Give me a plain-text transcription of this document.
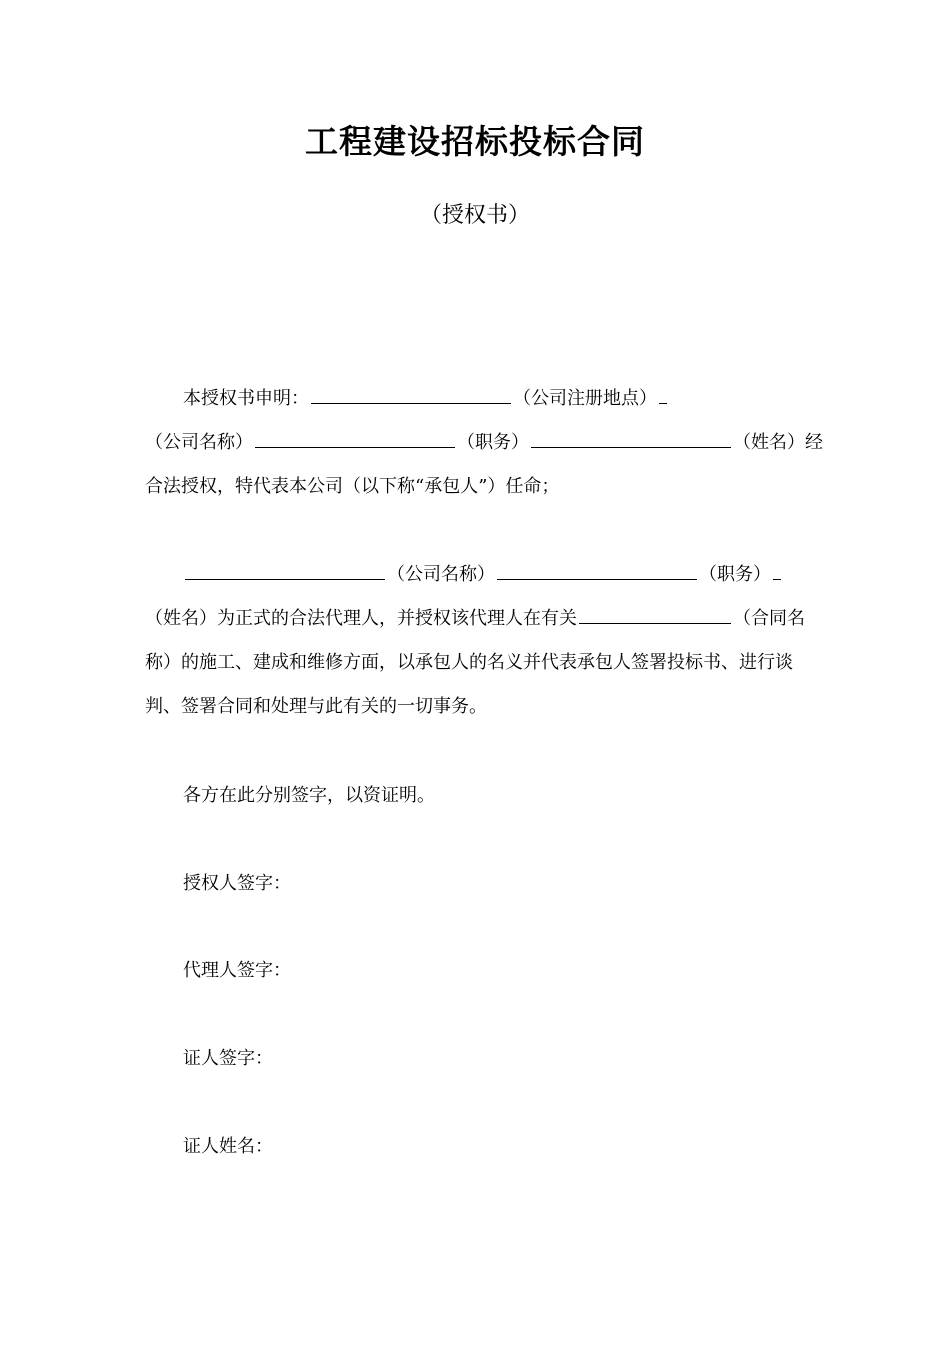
工程建设招标投标合同
（授权书）
本授权书申明：	（公司注册地点）
（公司名称）	（职务）	（姓名）经
合法授权，特代表本公司（以下称“承包人”）任命；
（公司名称）	（职务）
（姓名）为正式的合法代理人，并授权该代理人在有关	（合同名
称）的施工、建成和维修方面，以承包人的名义并代表承包人签署投标书、进行谈
判、签署合同和处理与此有关的一切事务。
各方在此分别签字，以资证明。
授权人签字：
代理人签字：
证人签字：
证人姓名：
